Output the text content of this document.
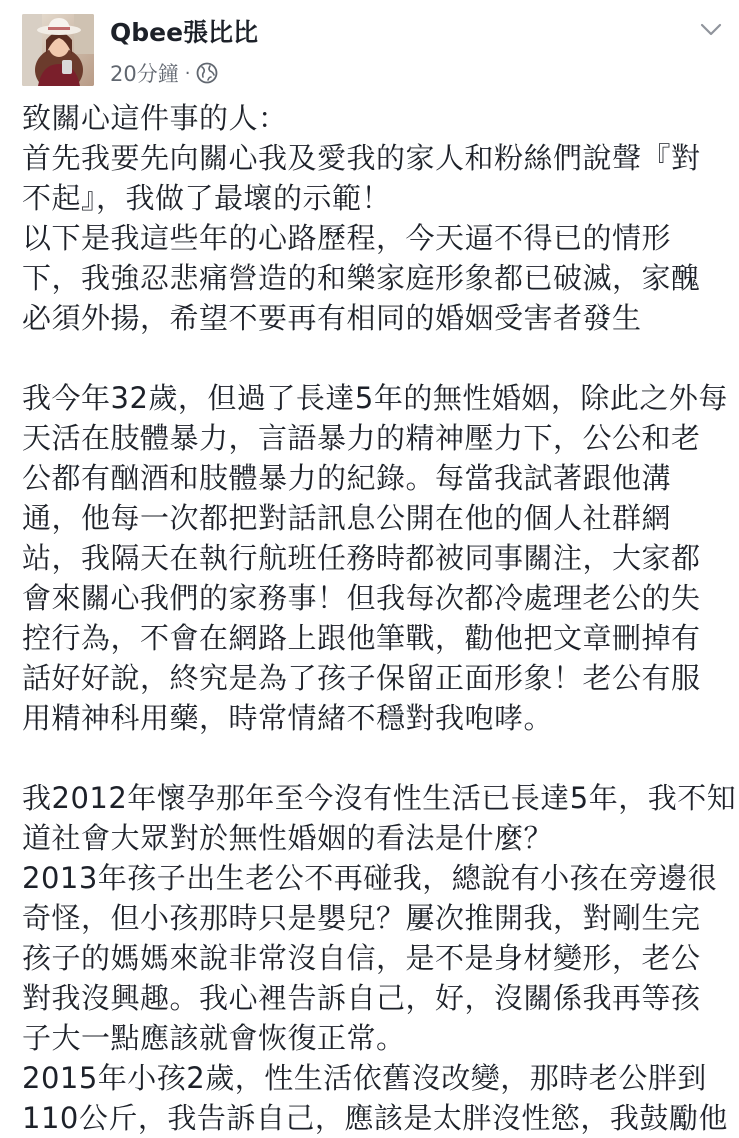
Qbee張比比
20分鐘 ·
致關心這件事的人：
首先我要先向關心我及愛我的家人和粉絲們說聲『對
不起』，我做了最壞的示範！
以下是我這些年的心路歷程，今天逼不得已的情形
下，我強忍悲痛營造的和樂家庭形象都已破滅，家醜
必須外揚，希望不要再有相同的婚姻受害者發生
我今年32歲，但過了長達5年的無性婚姻，除此之外每
天活在肢體暴力，言語暴力的精神壓力下，公公和老
公都有酗酒和肢體暴力的紀錄。每當我試著跟他溝
通，他每一次都把對話訊息公開在他的個人社群網
站，我隔天在執行航班任務時都被同事關注，大家都
會來關心我們的家務事！但我每次都冷處理老公的失
控行為，不會在網路上跟他筆戰，勸他把文章刪掉有
話好好說，終究是為了孩子保留正面形象！老公有服
用精神科用藥，時常情緒不穩對我咆哮。
我2012年懷孕那年至今沒有性生活已長達5年，我不知
道社會大眾對於無性婚姻的看法是什麼？
2013年孩子出生老公不再碰我，總說有小孩在旁邊很
奇怪，但小孩那時只是嬰兒？屢次推開我，對剛生完
孩子的媽媽來說非常沒自信，是不是身材變形，老公
對我沒興趣。我心裡告訴自己，好，沒關係我再等孩
子大一點應該就會恢復正常。
2015年小孩2歲，性生活依舊沒改變，那時老公胖到
110公斤，我告訴自己，應該是太胖沒性慾，我鼓勵他
